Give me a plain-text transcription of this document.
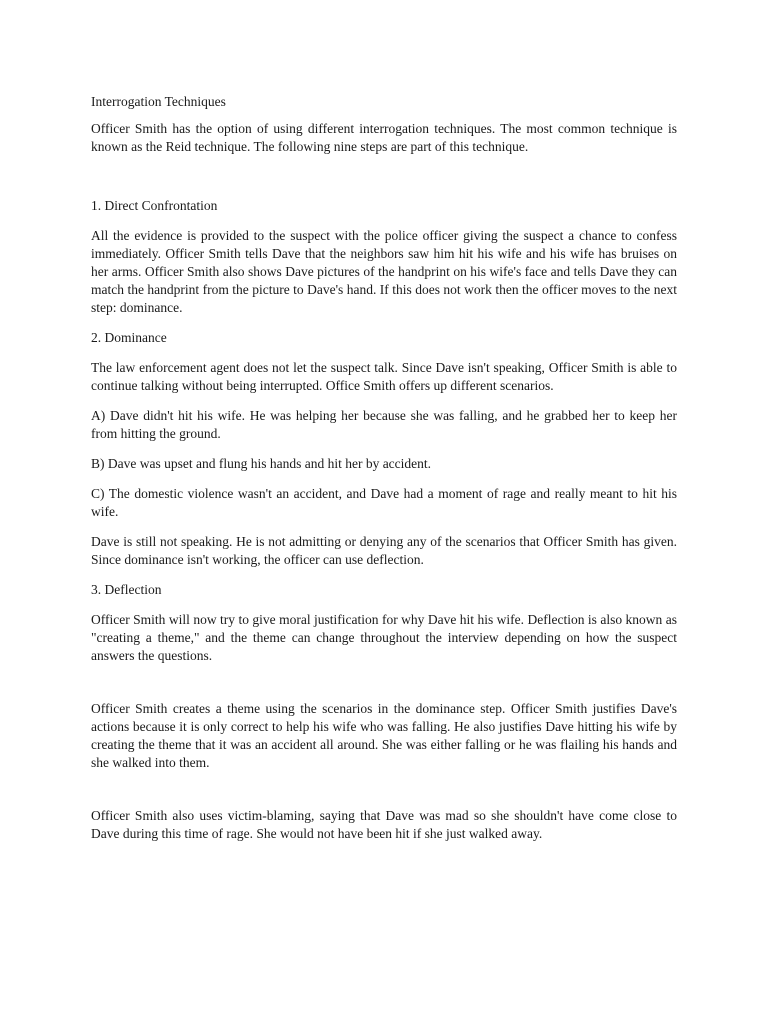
Interrogation Techniques

Officer Smith has the option of using different interrogation techniques. The most common technique is known as the Reid technique. The following nine steps are part of this technique.

1. Direct Confrontation

All the evidence is provided to the suspect with the police officer giving the suspect a chance to confess immediately. Officer Smith tells Dave that the neighbors saw him hit his wife and his wife has bruises on her arms. Officer Smith also shows Dave pictures of the handprint on his wife's face and tells Dave they can match the handprint from the picture to Dave's hand. If this does not work then the officer moves to the next step: dominance.

2. Dominance

The law enforcement agent does not let the suspect talk. Since Dave isn't speaking, Officer Smith is able to continue talking without being interrupted. Office Smith offers up different scenarios.

A) Dave didn't hit his wife. He was helping her because she was falling, and he grabbed her to keep her from hitting the ground.

B) Dave was upset and flung his hands and hit her by accident.

C) The domestic violence wasn't an accident, and Dave had a moment of rage and really meant to hit his wife.

Dave is still not speaking. He is not admitting or denying any of the scenarios that Officer Smith has given. Since dominance isn't working, the officer can use deflection.

3. Deflection

Officer Smith will now try to give moral justification for why Dave hit his wife. Deflection is also known as "creating a theme," and the theme can change throughout the interview depending on how the suspect answers the questions.

Officer Smith creates a theme using the scenarios in the dominance step. Officer Smith justifies Dave's actions because it is only correct to help his wife who was falling. He also justifies Dave hitting his wife by creating the theme that it was an accident all around. She was either falling or he was flailing his hands and she walked into them.

Officer Smith also uses victim-blaming, saying that Dave was mad so she shouldn't have come close to Dave during this time of rage. She would not have been hit if she just walked away.
